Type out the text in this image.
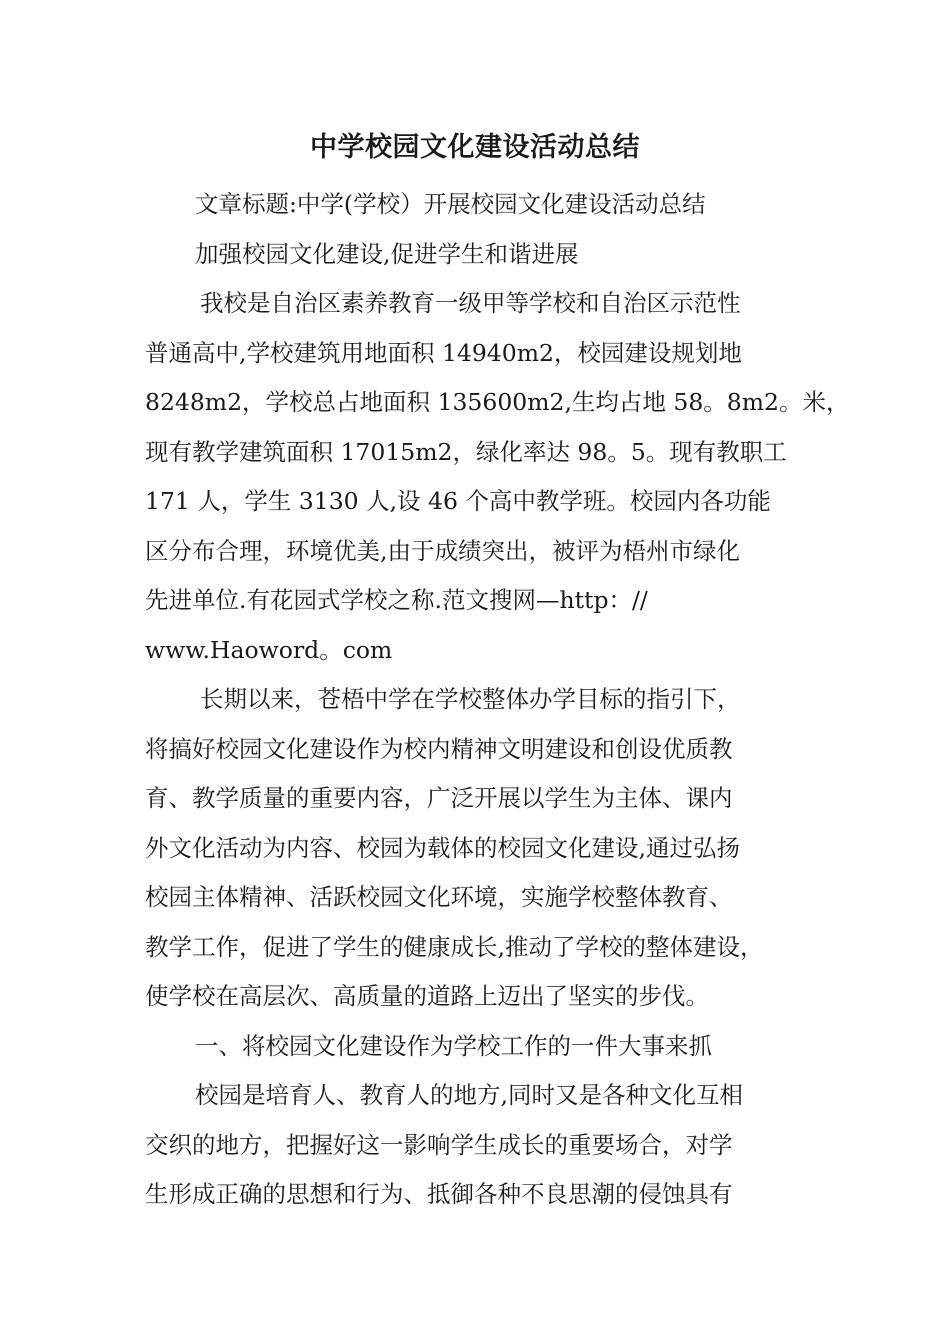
中学校园文化建设活动总结
文章标题:中学(学校）开展校园文化建设活动总结
加强校园文化建设,促进学生和谐进展
我校是自治区素养教育一级甲等学校和自治区示范性
普通高中,学校建筑用地面积 14940m2，校园建设规划地
8248m2，学校总占地面积 135600m2,生均占地 58。8m2。米，
现有教学建筑面积 17015m2，绿化率达 98。5。现有教职工
171 人，学生 3130 人,设 46 个高中教学班。校园内各功能
区分布合理，环境优美,由于成绩突出，被评为梧州市绿化
先进单位.有花园式学校之称.范文搜网—http：//
www.Haoword。com
长期以来，苍梧中学在学校整体办学目标的指引下，
将搞好校园文化建设作为校内精神文明建设和创设优质教
育、教学质量的重要内容，广泛开展以学生为主体、课内
外文化活动为内容、校园为载体的校园文化建设,通过弘扬
校园主体精神、活跃校园文化环境，实施学校整体教育、
教学工作，促进了学生的健康成长,推动了学校的整体建设，
使学校在高层次、高质量的道路上迈出了坚实的步伐。
一、将校园文化建设作为学校工作的一件大事来抓
校园是培育人、教育人的地方,同时又是各种文化互相
交织的地方，把握好这一影响学生成长的重要场合，对学
生形成正确的思想和行为、抵御各种不良思潮的侵蚀具有
